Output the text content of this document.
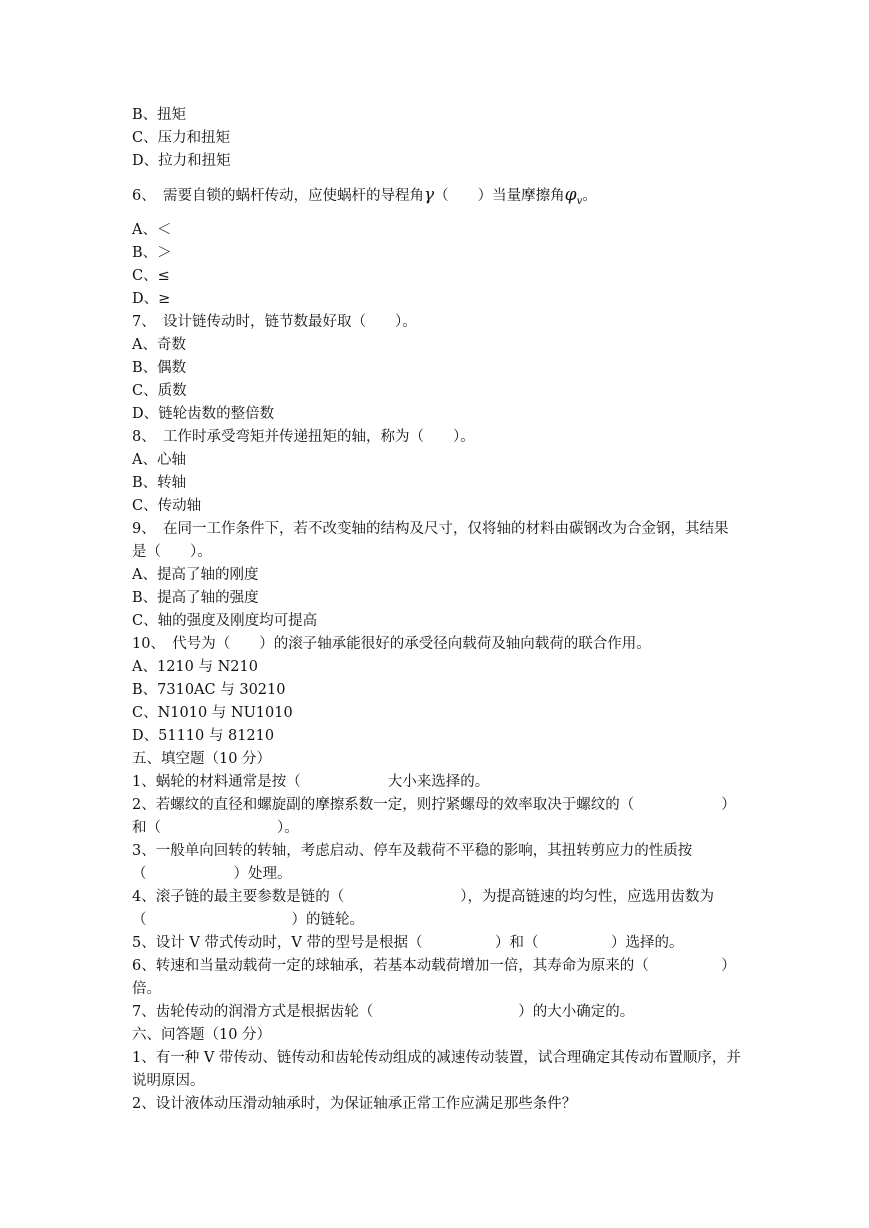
B、扭矩
C、压力和扭矩
D、拉力和扭矩
6、　需要自锁的蜗杆传动，应使蜗杆的导程角γ（　　）当量摩擦角$\varphi_v$。
A、＜
B、＞
C、≤
D、≥
7、　设计链传动时，链节数最好取（　　）。
A、奇数
B、偶数
C、质数
D、链轮齿数的整倍数
8、　工作时承受弯矩并传递扭矩的轴，称为（　　）。
A、心轴
B、转轴
C、传动轴
9、　在同一工作条件下，若不改变轴的结构及尺寸，仅将轴的材料由碳钢改为合金钢，其结果是（　　）。
A、提高了轴的刚度
B、提高了轴的强度
C、轴的强度及刚度均可提高
10、　代号为（　　）的滚子轴承能很好的承受径向载荷及轴向载荷的联合作用。
A、1210 与 N210
B、7310AC 与 30210
C、N1010 与 NU1010
D、51110 与 81210
五、填空题（10 分）
1、蜗轮的材料通常是按（　　　　　　大小来选择的。
2、若螺纹的直径和螺旋副的摩擦系数一定，则拧紧螺母的效率取决于螺纹的（　　　　　　）和（　　　　　　　　）。
3、一般单向回转的转轴，考虑启动、停车及载荷不平稳的影响，其扭转剪应力的性质按（　　　　　　）处理。
4、滚子链的最主要参数是链的（　　　　　　　　），为提高链速的均匀性，应选用齿数为（　　　　　　　　　　）的链轮。
5、设计 V 带式传动时，V 带的型号是根据（　　　　　）和（　　　　　）选择的。
6、转速和当量动载荷一定的球轴承，若基本动载荷增加一倍，其寿命为原来的（　　　　　）倍。
7、齿轮传动的润滑方式是根据齿轮（　　　　　　　　　　）的大小确定的。
六、问答题（10 分）
1、有一种 V 带传动、链传动和齿轮传动组成的减速传动装置，试合理确定其传动布置顺序，并说明原因。
2、设计液体动压滑动轴承时，为保证轴承正常工作应满足那些条件？
